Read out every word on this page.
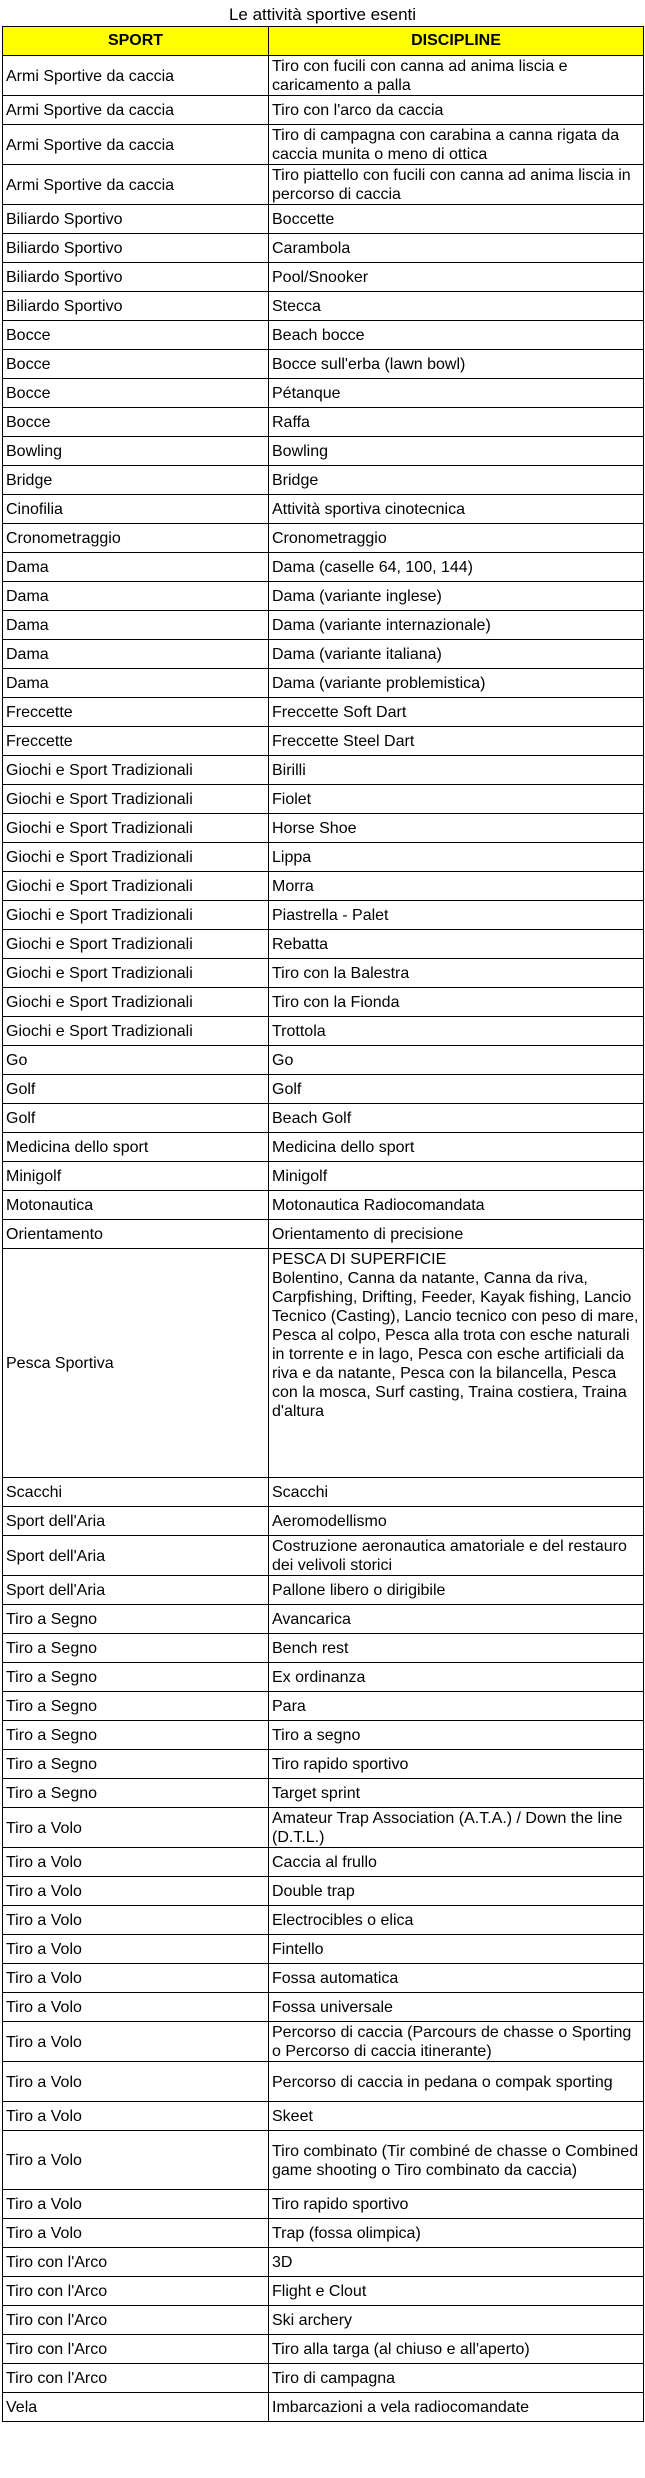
Le attività sportive esenti
SPORT	DISCIPLINE
Armi Sportive da caccia	Tiro con fucili con canna ad anima liscia e caricamento a palla
Armi Sportive da caccia	Tiro con l'arco da caccia
Armi Sportive da caccia	Tiro di campagna con carabina a canna rigata da caccia munita o meno di ottica
Armi Sportive da caccia	Tiro piattello con fucili con canna ad anima liscia in percorso di caccia
Biliardo Sportivo	Boccette
Biliardo Sportivo	Carambola
Biliardo Sportivo	Pool/Snooker
Biliardo Sportivo	Stecca
Bocce	Beach bocce
Bocce	Bocce sull'erba (lawn bowl)
Bocce	Pétanque
Bocce	Raffa
Bowling	Bowling
Bridge	Bridge
Cinofilia	Attività sportiva cinotecnica
Cronometraggio	Cronometraggio
Dama	Dama (caselle 64, 100, 144)
Dama	Dama (variante inglese)
Dama	Dama (variante internazionale)
Dama	Dama (variante italiana)
Dama	Dama (variante problemistica)
Freccette	Freccette Soft Dart
Freccette	Freccette Steel Dart
Giochi e Sport Tradizionali	Birilli
Giochi e Sport Tradizionali	Fiolet
Giochi e Sport Tradizionali	Horse Shoe
Giochi e Sport Tradizionali	Lippa
Giochi e Sport Tradizionali	Morra
Giochi e Sport Tradizionali	Piastrella - Palet
Giochi e Sport Tradizionali	Rebatta
Giochi e Sport Tradizionali	Tiro con la Balestra
Giochi e Sport Tradizionali	Tiro con la Fionda
Giochi e Sport Tradizionali	Trottola
Go	Go
Golf	Golf
Golf	Beach Golf
Medicina dello sport	Medicina dello sport
Minigolf	Minigolf
Motonautica	Motonautica Radiocomandata
Orientamento	Orientamento di precisione
Pesca Sportiva	PESCA DI SUPERFICIE
Bolentino, Canna da natante, Canna da riva, Carpfishing, Drifting, Feeder, Kayak fishing, Lancio Tecnico (Casting), Lancio tecnico con peso di mare, Pesca al colpo, Pesca alla trota con esche naturali in torrente e in lago, Pesca con esche artificiali da riva e da natante, Pesca con la bilancella, Pesca con la mosca, Surf casting, Traina costiera, Traina d'altura
Scacchi	Scacchi
Sport dell'Aria	Aeromodellismo
Sport dell'Aria	Costruzione aeronautica amatoriale e del restauro dei velivoli storici
Sport dell'Aria	Pallone libero o dirigibile
Tiro a Segno	Avancarica
Tiro a Segno	Bench rest
Tiro a Segno	Ex ordinanza
Tiro a Segno	Para
Tiro a Segno	Tiro a segno
Tiro a Segno	Tiro rapido sportivo
Tiro a Segno	Target sprint
Tiro a Volo	Amateur Trap Association (A.T.A.) / Down the line (D.T.L.)
Tiro a Volo	Caccia al frullo
Tiro a Volo	Double trap
Tiro a Volo	Electrocibles o elica
Tiro a Volo	Fintello
Tiro a Volo	Fossa automatica
Tiro a Volo	Fossa universale
Tiro a Volo	Percorso di caccia (Parcours de chasse o Sporting o Percorso di caccia itinerante)
Tiro a Volo	Percorso di caccia in pedana o compak sporting
Tiro a Volo	Skeet
Tiro a Volo	Tiro combinato (Tir combiné de chasse o Combined game shooting o Tiro combinato da caccia)
Tiro a Volo	Tiro rapido sportivo
Tiro a Volo	Trap (fossa olimpica)
Tiro con l'Arco	3D
Tiro con l'Arco	Flight e Clout
Tiro con l'Arco	Ski archery
Tiro con l'Arco	Tiro alla targa (al chiuso e all'aperto)
Tiro con l'Arco	Tiro di campagna
Vela	Imbarcazioni a vela radiocomandate
